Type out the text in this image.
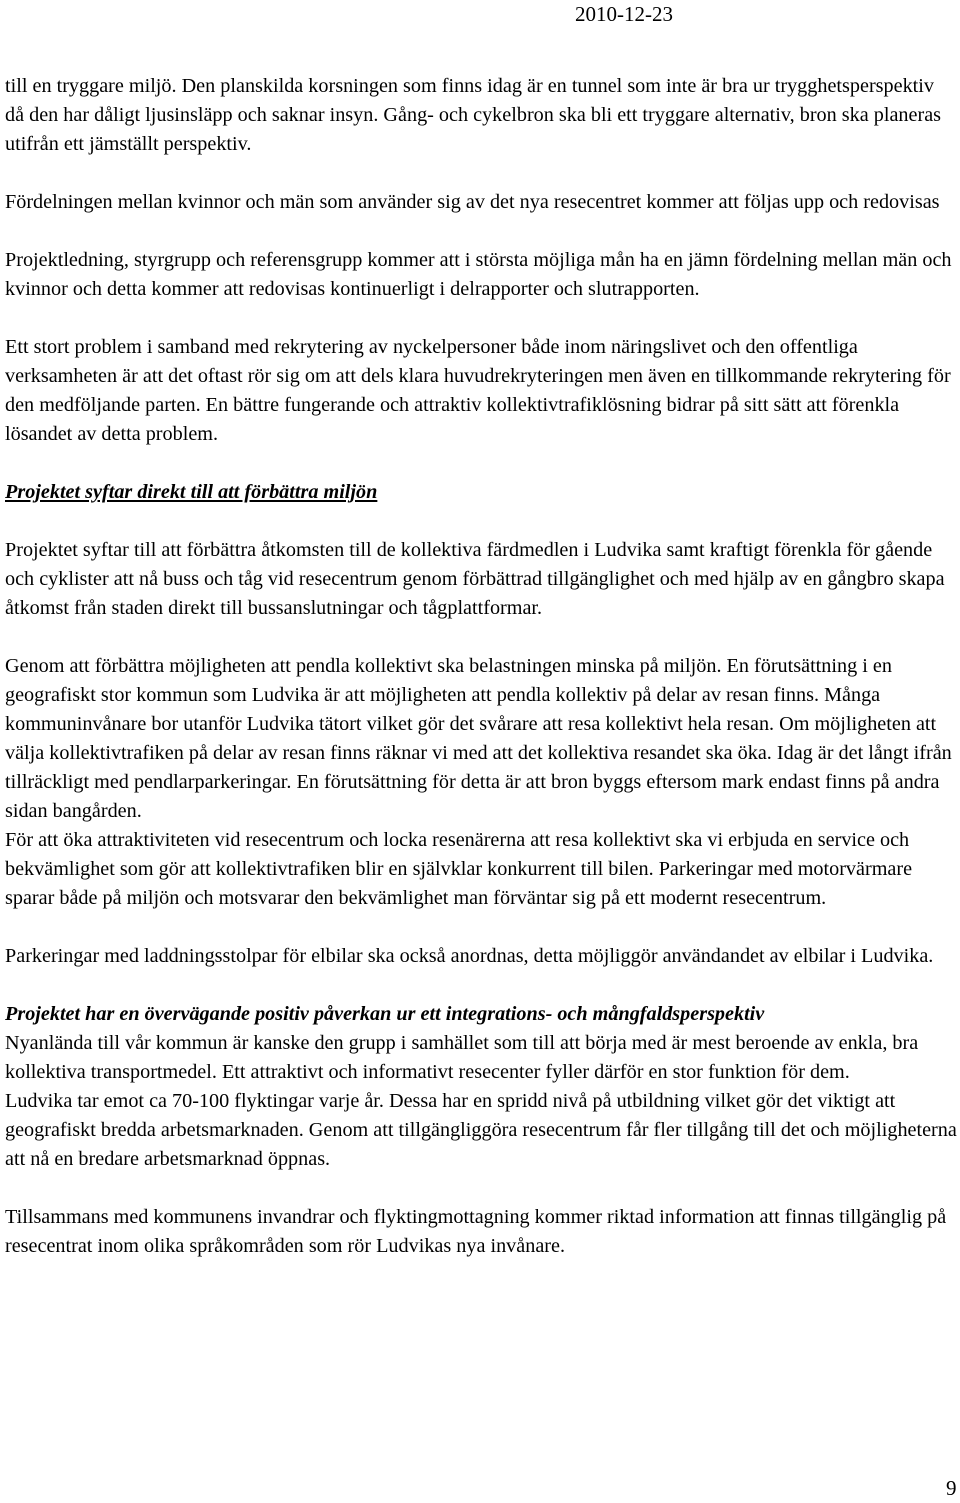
2010-12-23

till en tryggare miljö. Den planskilda korsningen som finns idag är en tunnel som inte är bra ur trygghetsperspektiv då den har dåligt ljusinsläpp och saknar insyn. Gång- och cykelbron ska bli ett tryggare alternativ, bron ska planeras utifrån ett jämställt perspektiv.

Fördelningen mellan kvinnor och män som använder sig av det nya resecentret kommer att följas upp och redovisas

Projektledning, styrgrupp och referensgrupp kommer att i största möjliga mån ha en jämn fördelning mellan män och kvinnor och detta kommer att redovisas kontinuerligt i delrapporter och slutrapporten.

Ett stort problem i samband med rekrytering av nyckelpersoner både inom näringslivet och den offentliga verksamheten är att det oftast rör sig om att dels klara huvudrekryteringen men även en tillkommande rekrytering för den medföljande parten. En bättre fungerande och attraktiv kollektivtrafiklösning bidrar på sitt sätt att förenkla lösandet av detta problem.

Projektet syftar direkt till att förbättra miljön

Projektet syftar till att förbättra åtkomsten till de kollektiva färdmedlen i Ludvika samt kraftigt förenkla för gående och cyklister att nå buss och tåg vid resecentrum genom förbättrad tillgänglighet och med hjälp av en gångbro skapa åtkomst från staden direkt till bussanslutningar och tågplattformar.

Genom att förbättra möjligheten att pendla kollektivt ska belastningen minska på miljön. En förutsättning i en geografiskt stor kommun som Ludvika är att möjligheten att pendla kollektiv på delar av resan finns. Många kommuninvånare bor utanför Ludvika tätort vilket gör det svårare att resa kollektivt hela resan. Om möjligheten att välja kollektivtrafiken på delar av resan finns räknar vi med att det kollektiva resandet ska öka. Idag är det långt ifrån tillräckligt med pendlarparkeringar. En förutsättning för detta är att bron byggs eftersom mark endast finns på andra sidan bangården.

För att öka attraktiviteten vid resecentrum och locka resenärerna att resa kollektivt ska vi erbjuda en service och bekvämlighet som gör att kollektivtrafiken blir en självklar konkurrent till bilen. Parkeringar med motorvärmare sparar både på miljön och motsvarar den bekvämlighet man förväntar sig på ett modernt resecentrum.

Parkeringar med laddningsstolpar för elbilar ska också anordnas, detta möjliggör användandet av elbilar i Ludvika.

Projektet har en övervägande positiv påverkan ur ett integrations- och mångfaldsperspektiv

Nyanlända till vår kommun är kanske den grupp i samhället som till att börja med är mest beroende av enkla, bra kollektiva transportmedel. Ett attraktivt och informativt resecenter fyller därför en stor funktion för dem.

Ludvika tar emot ca 70-100 flyktingar varje år. Dessa har en spridd nivå på utbildning vilket gör det viktigt att geografiskt bredda arbetsmarknaden. Genom att tillgängliggöra resecentrum får fler tillgång till det och möjligheterna att nå en bredare arbetsmarknad öppnas.

Tillsammans med kommunens invandrar och flyktingmottagning kommer riktad information att finnas tillgänglig på resecentrat inom olika språkområden som rör Ludvikas nya invånare.

9
